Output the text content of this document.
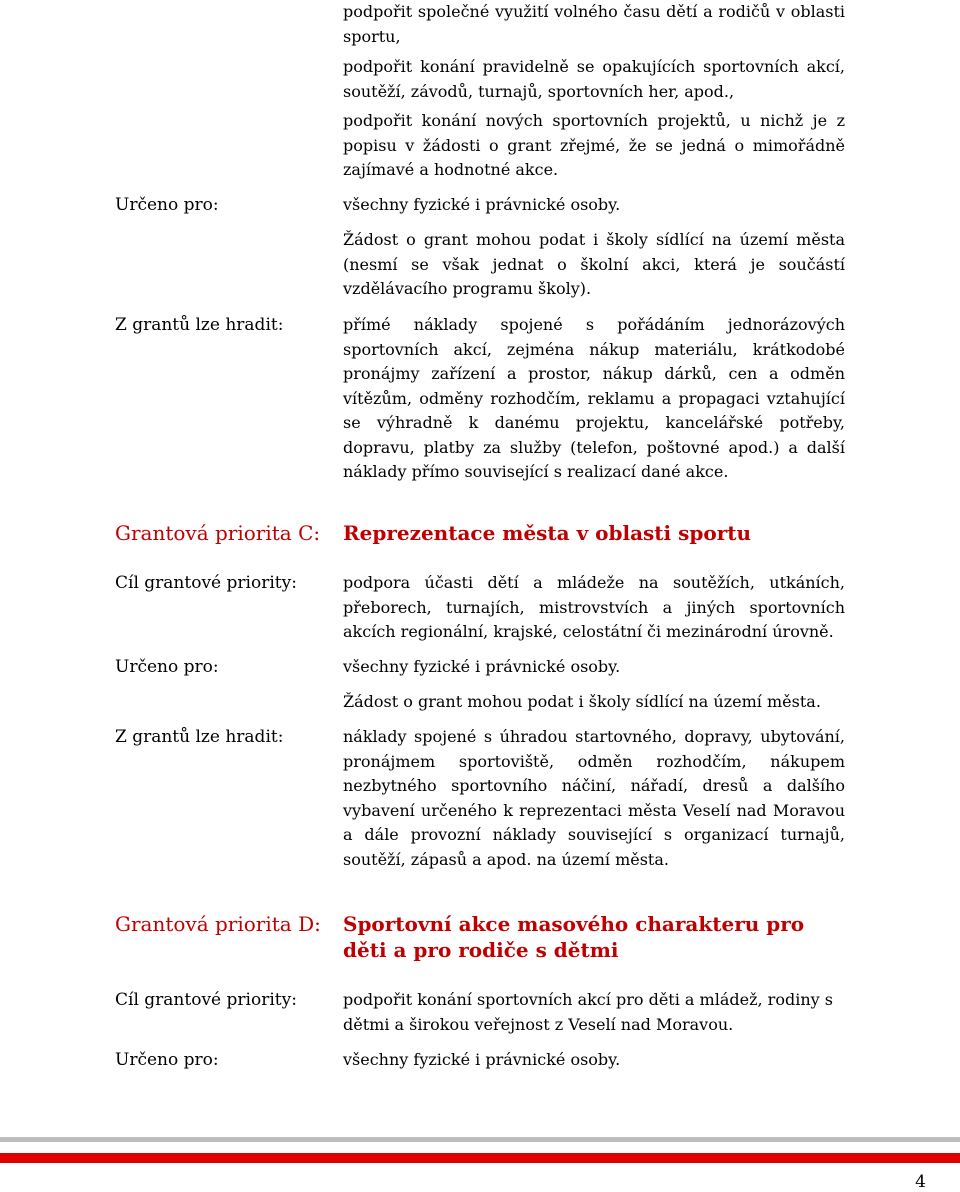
podpořit společné využití volného času dětí a rodičů v oblasti sportu,

podpořit konání pravidelně se opakujících sportovních akcí, soutěží, závodů, turnajů, sportovních her, apod.,

podpořit konání nových sportovních projektů, u nichž je z popisu v žádosti o grant zřejmé, že se jedná o mimořádně zajímavé a hodnotné akce.

Určeno pro:	všechny fyzické i právnické osoby.

Žádost o grant mohou podat i školy sídlící na území města (nesmí se však jednat o školní akci, která je součástí vzdělávacího programu školy).

Z grantů lze hradit:	přímé náklady spojené s pořádáním jednorázových sportovních akcí, zejména nákup materiálu, krátkodobé pronájmy zařízení a prostor, nákup dárků, cen a odměn vítězům, odměny rozhodčím, reklamu a propagaci vztahující se výhradně k danému projektu, kancelářské potřeby, dopravu, platby za služby (telefon, poštovné apod.) a další náklady přímo související s realizací dané akce.

Grantová priorita C: Reprezentace města v oblasti sportu
Cíl grantové priority:	podpora účasti dětí a mládeže na soutěžích, utkáních, přeborech, turnajích, mistrovstvích a jiných sportovních akcích regionální, krajské, celostátní či mezinárodní úrovně.

Určeno pro:	všechny fyzické i právnické osoby.

Žádost o grant mohou podat i školy sídlící na území města.

Z grantů lze hradit:	náklady spojené s úhradou startovného, dopravy, ubytování, pronájmem sportoviště, odměn rozhodčím, nákupem nezbytného sportovního náčiní, nářadí, dresů a dalšího vybavení určeného k reprezentaci města Veselí nad Moravou a dále provozní náklady související s organizací turnajů, soutěží, zápasů a apod. na území města.

Grantová priorita D: Sportovní akce masového charakteru pro děti a pro rodiče s dětmi
Cíl grantové priority:	podpořit konání sportovních akcí pro děti a mládež, rodiny s dětmi a širokou veřejnost z Veselí nad Moravou.

Určeno pro:	všechny fyzické i právnické osoby.

4
